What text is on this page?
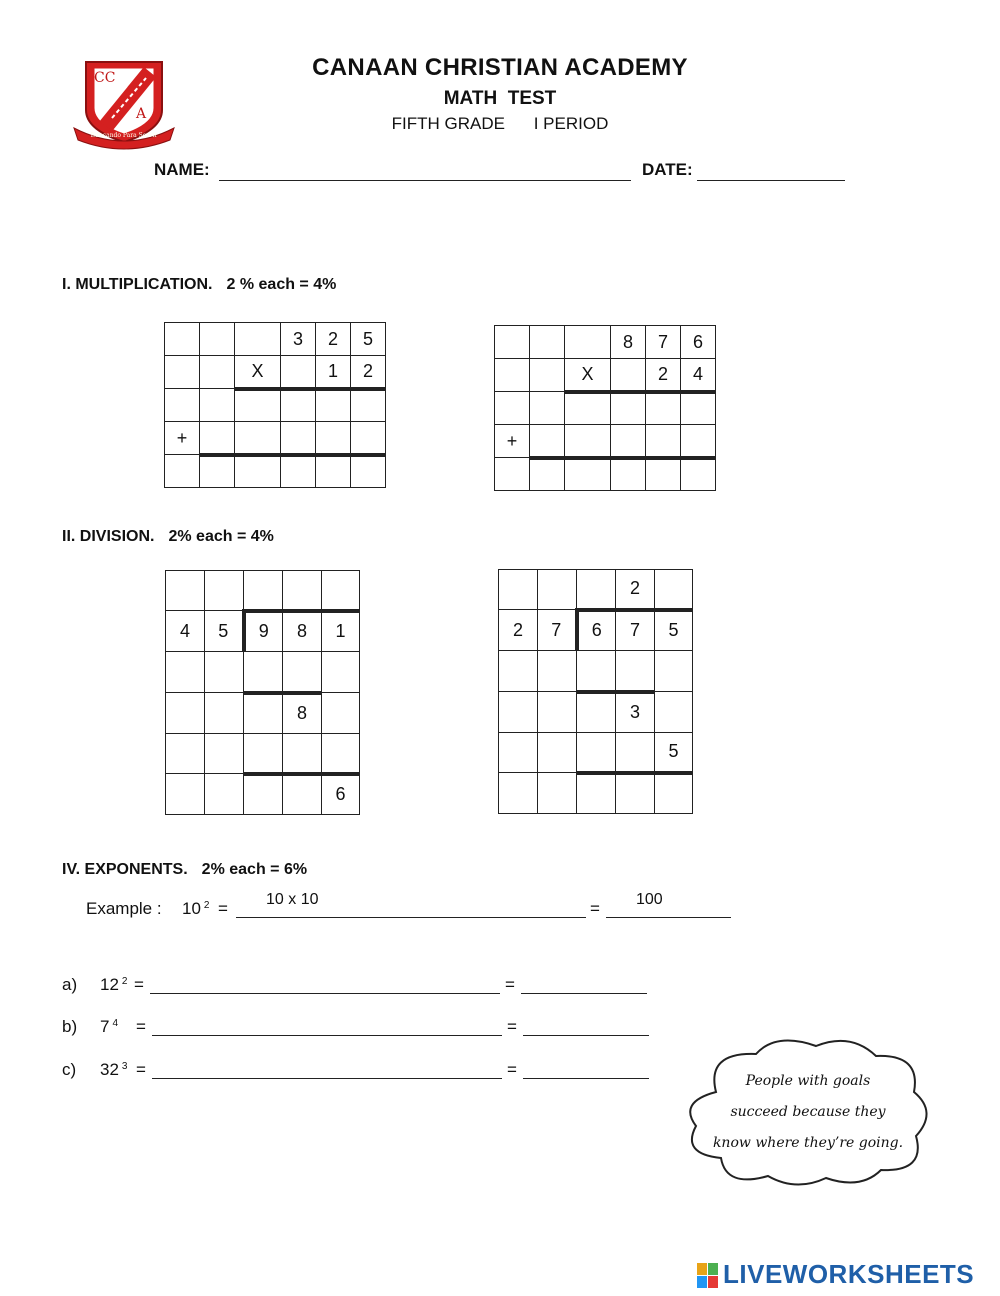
CC
A
Educando Para Servir
CANAAN CHRISTIAN ACADEMY
MATH  TEST
FIFTH GRADE I PERIOD
NAME:	DATE:
I. MULTIPLICATION. 2 % each = 4%
			3	2	5
		X		1	2

+					

			8	7	6
		X		2	4

+					

II. DIVISION. 2% each = 4%

4	5	9	8	1

			8	

				6
			2	
2	7	6	7	5

			3	
				5

IV. EXPONENTS. 2% each = 6%
Example : 10 $^2$ = 10 x 10	= 100
a) 12 $^2$ =	=
b) 7 $^4$ =	=
c) 32 $^3$ =	=
People with goals
succeed because they
know where they’re going.
LIVEWORKSHEETS
